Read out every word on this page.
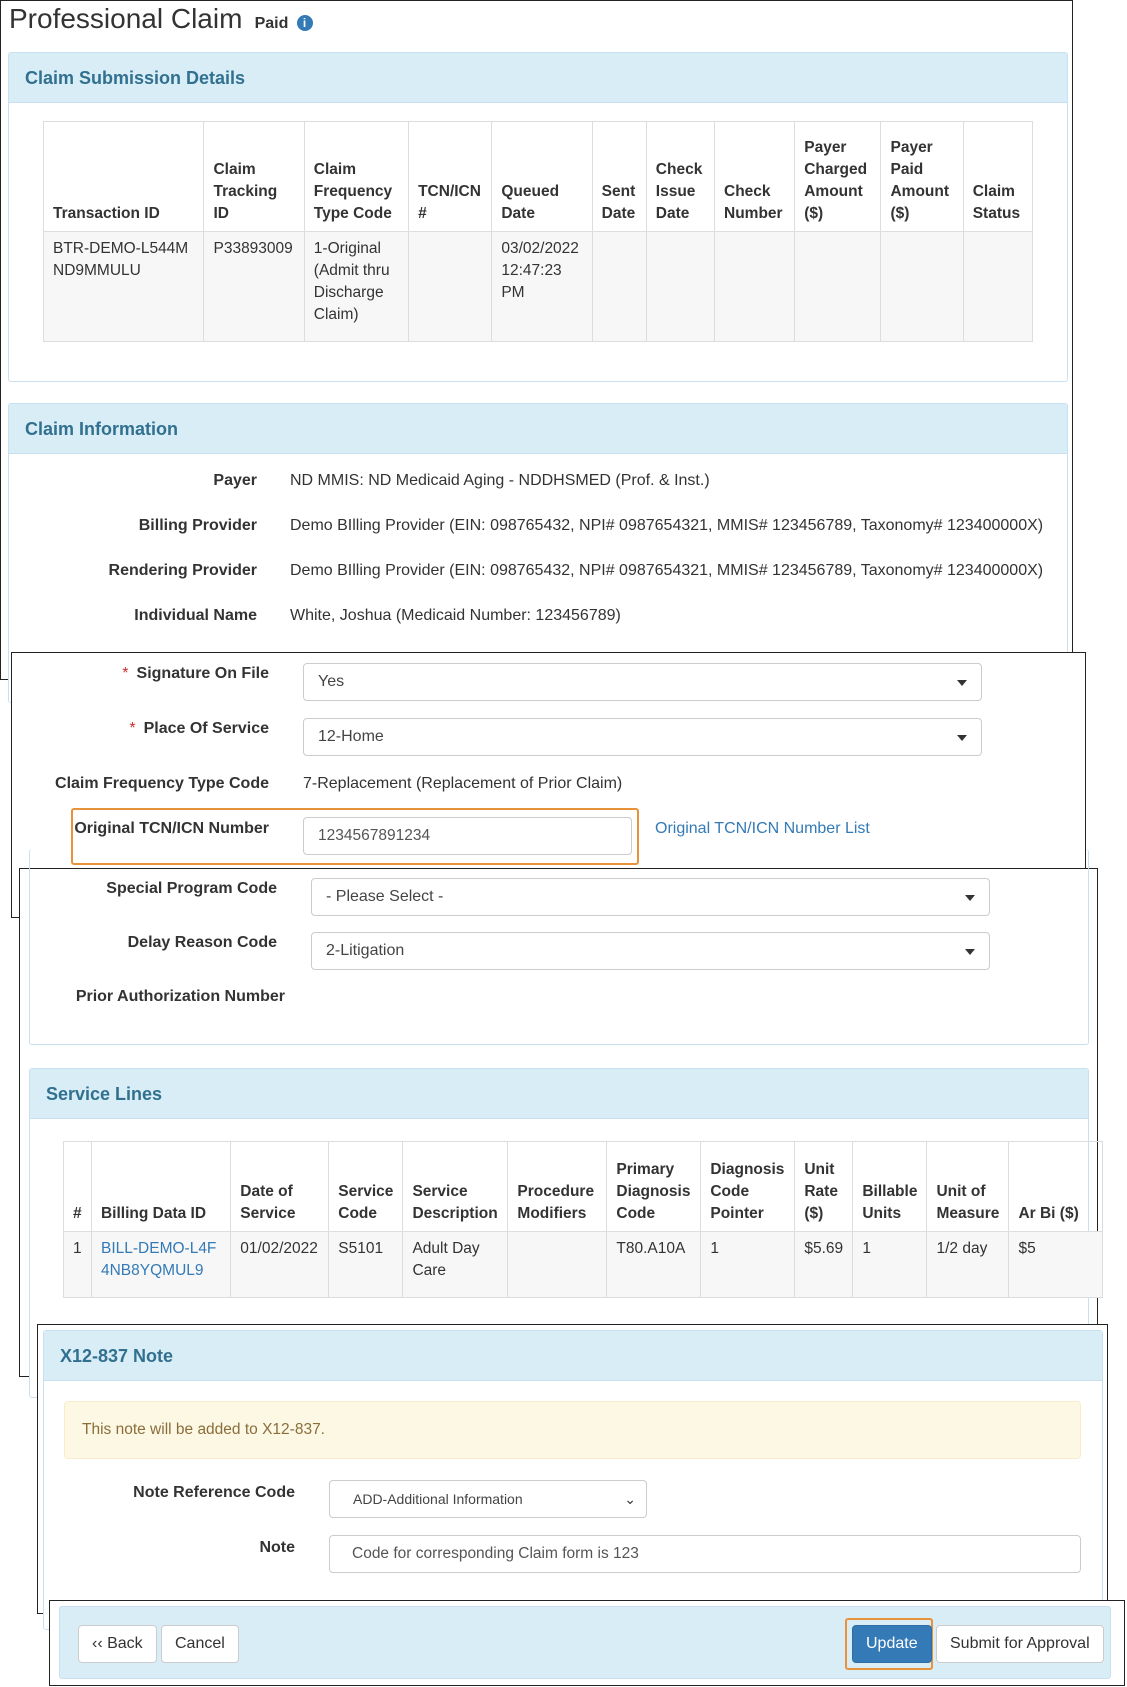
Professional Claim Paid i
Claim Submission Details
Transaction ID	Claim Tracking ID	Claim Frequency Type Code	TCN/ICN #	Queued Date	Sent Date	Check Issue Date	Check Number	Payer Charged Amount ($)	Payer Paid Amount ($)	Claim Status
BTR-DEMO-L544MND9MMULU	P33893009	1-Original (Admit thru Discharge Claim)		03/02/2022 12:47:23 PM						
Claim Information
Payer ND MMIS: ND Medicaid Aging - NDDHSMED (Prof. & Inst.)
Billing Provider Demo BIlling Provider (EIN: 098765432, NPI# 0987654321, MMIS# 123456789, Taxonomy# 123400000X)
Rendering Provider Demo BIlling Provider (EIN: 098765432, NPI# 0987654321, MMIS# 123456789, Taxonomy# 123400000X)
Individual Name White, Joshua (Medicaid Number: 123456789)
* Signature On File	Yes
* Place Of Service	12-Home
Claim Frequency Type Code 7-Replacement (Replacement of Prior Claim)
Original TCN/ICN Number	1234567891234	Original TCN/ICN Number List
Special Program Code	- Please Select -
Delay Reason Code	2-Litigation
Prior Authorization Number
Service Lines
#	Billing Data ID	Date of Service	Service Code	Service Description	Procedure Modifiers	Primary Diagnosis Code	Diagnosis Code Pointer	Unit Rate ($)	Billable Units	Unit of Measure	Ar Bi ($)
1	BILL-DEMO-L4F4NB8YQMUL9	01/02/2022	S5101	Adult Day Care		T80.A10A	1	$5.69	1	1/2 day	$5
X12-837 Note
This note will be added to X12-837.
Note Reference Code	ADD-Additional Information	⌄
Note	Code for corresponding Claim form is 123
‹‹ Back	Cancel	Update	Submit for Approval
